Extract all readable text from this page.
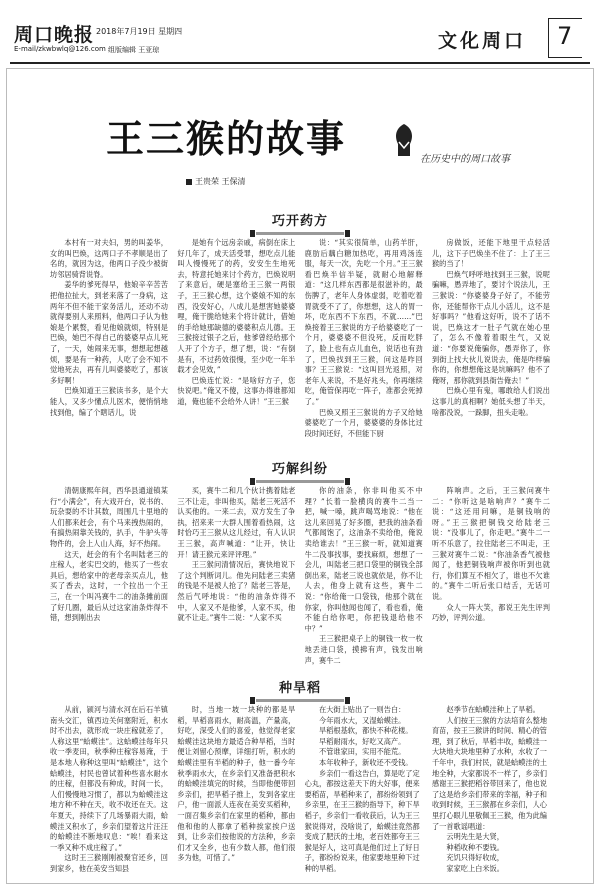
周口晚报 2018年7月19日 星期四
E-mail/zkwbwlq@126.com 组版编辑 王亚琼	文化周口 7
王三猴的故事	在历史中的周口故事
王贵荣 王保清
巧开药方

本村有一对夫妇，男的叫姜华，女的叫巴焕，这两口子不孝顺是出了名的，就因为这，他两口子没少被街坊邻居骑背说脊。

姜华的爹死得早，他娘辛辛苦苦把他拉扯大，到老来落了一身病，这两年不但不能干家务活儿，还动不动就得要别人来照料，他两口子认为他娘是个累赘，看见他娘就烦，特别是巴焕，她巴不得自己的婆婆早点儿死了，一天，她闹来无事，想想起想越烦，要是有一种药，人吃了会不知不觉地死去，再有儿叫婆婆吃了，那该多好啊！

巴焕知道王三猴读书多，是个大能人，又多少懂点儿医术，便悄悄地找到他，编了个瞎话儿，说

是她有个远房亲戚，病倒在床上好几年了，成天活受罪，想吃点儿能叫人慢慢死了的药，安安生生地死去，特意托她来讨个药方，巴焕说明了来意后，硬是塞给王三猴一两银子，王三猴心想，这个婆娘不知的东西，没安好心，八成儿是想害她婆婆哩，俺干脆给她来个将计就计，借她的手给她那缺德的婆婆积点儿德。王三猴接过银子之后，他爹曾经给那个人开了个方子，想了想，说：“有倒是有，不过药效很慢，至少吃一年半载才会见效，”

巴焕连忙说：“是啥好方子，您快说吧。”俺又不傻，这事办得谁都知道，俺也能不会给外人讲！”王三猴

说：“其实很简单，山药羊肝，鹿肪后藕白糖加热吃，再用鸡汤连服，每天一次，先吃一个月。”王三猴看巴焕半信半疑，就耐心地解释道：“这几样东西都是很滋补的，最伤脾了，老年人身体虚弱，吃着吃着胃就受不了了，你想想，这人的胃一坏，吃东西不下东西，不就……”巴焕接着王三猴说的方子给婆婆吃了一个月，婆婆婆不但没死，反而吃胖了，脸上也有点儿血色，说话也有劲了，巴焕找到王三猴，问这是咋回事？王三猴说：“这叫回光返照，对老年人来说，不是好兆头，你再继续吃，俺管保再吃一阵子，准都会死掉了。”

巴焕又照王三猴说的方子又给她婆婆吃了一个月，婆婆婆的身体比过段时间还好，不但能下厨

房做饭，还能下地里干点轻活儿，这下子巴焕坐不住了：上了王三猴的当了！

巴焕气呼呼地找到王三猴，说呢骗嘛，愚弄地了，要讨个说法儿，王三猴说：“你婆婆身子好了，不能劳你，还能帮你干点儿小活儿，这不是好事吗？”他看这好听，说不了话不说，巴焕这才一肚子气就在她心里了，怎么不像着着眼生气，又说道：“你要说俺骗你，愚弄你了，你到街上找大伙儿说说去，俺是咋样骗你的，你想想俺这是坑嘛吗？他不了俺呀，那你就到县衙告俺去！”

巴焕心里有鬼，哪敢给人们说出这事儿的真相啊？她低头想了半天，啥都没说，一跺脚，扭头走啦。

巧解纠纷

清朝康熙年间，西华县通道镇某行“小满会”，有大戏开台，说书的、玩杂耍的不计其数，周围几十里地的人们都来赶会，有个马来拽热闹的，有搞热闹靠关钱的，扒手，牛驴头等物件的，会上人山人海，好不热闹。

这天，赶会的有个名叫陆老三的庄稼人，老实巴交的，他买了一些农具后，想给家中的老母亲买点儿，他买了香去，这时，一个拉出一个王三，在一个叫冯赛牛二的油条摊前面了好几圈，最后从过这家油条炸得不错，想到刚出去

买，赛牛二和几个伙计携着陆老三不让走，非叫他买，陆老三死活不认买他的。一来二去，双方发生了争执，招来来一大群人围着看热闹，这时恰巧王三猴从这儿经过，有人认识王三猴，高声喊道：“让开，快让开！请王猴元来评评理。”

王三猴问清情况后，赛快地说下了这个判断词儿。他先问陆老三卖猪的钱是不是被人抢了？陆老三答是，然后气呼地说：“他的油条炸得不中，人家又不是他爹，人家不买，他就不让走。”赛牛二说：“人家不买

你的油条，你非叫他买不中理？”长着一脸横肉的赛牛二当一把，喊一嗓，跳声喝骂地说：“他在这儿来回晃了好多圈，把我的油条看气都闻饱了，这油条不卖给他，俺说卖给谁去！”王三猴一听，就知道赛牛二没事找事，要找麻烦，想想了一会儿，叫陆老三把口袋里的铜钱全部倒出来，陆老三说也就依是，你不让人去，他身上就有这些，赛牛二说：“你给俺一口袋钱，他那个就在你家，你叫他闻也闻了，看也看，俺不能白给你吧，你把钱退给他不中？”

王三猴把桌子上的铜钱一枚一枚地丢进口袋，摸拂有声，钱发出响声，赛牛二

阵响声。之后，王三猴问赛牛二：“你听这是啥响声？”赛牛二说：“这还用问嘛，是铜钱响的呀。”王三猴把铜钱交给陆老三说：“没事儿了，你走吧。”赛牛二一听不乐意了，拉住陆老三不叫走，王三猴对赛牛二说：“你油条香气被他闻了，他把铜钱响声被你听到也就行，你们算互不相欠了，谁也不欠谁的。”赛牛二听后张口结舌，无话可说。

众人一阵大笑，都说王先生评判巧妙，评判公道。

种旱稻

从前，颍河与清水河在后石羊镇南头交汇，镇西边关何塞附近，积水时不出去，就形成一块庄稼就差了，人称这里“蛤蟆洼”。这蛤蟆洼每年只收一季麦田，秋季种庄稼容易淹，于是本地人称种这里叫“蛤蟆洼”，这个蛤蟆洼，村民也曾试着种些喜水耐水的庄稼，但都没有种成，时间一长，人们慢慢地习惯了，都以为蛤蟆洼这地方种不种在天，收不收还在天。这年夏天，持续下了几场暴雨大雨，蛤蟆洼又积水了，乡亲们望着这片汪汪的蛤蟆洼不断地叹息：“唉！看来这一季又种不成庄稼了。”

这时王三猴刚刚被聚官还乡，回到家乡，他在美安当知县

时，当地一坡一块种的都是旱稻，旱稻喜雨水，耐高温，产量高，好吃，深受人们的喜爱，他觉得老家蛤蟆洼这块地方最适合种旱稻，当时便让刘留心预摩，详细打听，积水的蛤蟆洼里有半稻的种子，他一番今年秋季雨水大，在乡亲们又准备把积水的蛤蟆洼填完的时候，当即他便带回乡亲们，把旱稻子推上，发到各家庄户，他一面派人连夜在美安买稻种，一面召集乡亲们在家里的稻种，都由他和他的人都拿了稻种挨家挨户送到，让乡亲们按他说的方法种，乡亲们才又全乡，也有少数人都，他们很多为他，可惜了。”

在大街上贴出了一则告白：
今年雨水大，又湿蛤蟆洼。
旱稻根基软，都快不种花楼。
早稻耐雨水，好吃又高产。
不管谁家田，实用不能荒。
本年收种子，新收还不受钱。

乡亲们一看这告白，算是吃了定心丸，都按这差天下的大好事，便来要稻苗，旱稻种来了，都纷纷领到了乡亲里，在王三猴的指导下，种下旱稻子，乡亲们一看收获后，认为王三猴说得对，没啥说了，蛤蟆洼竟然都变成了肥沃的土地，老百姓都夸王三猴是好人，这可真是他们过上了好日子，都纷纷说来，他家要地里种下过种的旱稻。

赵季节在蛤蟆洼种上了旱稻。

人们按王三猴的方法培育么整地育苗，按王三猴讲的时间、精心的管理，到了秋后，旱稻丰收，蛤蟆洼一大块地大块地里种了水种，水收了一千年中，我们村民，就是蛤蟆洼的土地全种，大家都说不一样了，乡亲们感谢王三猴把稻谷带回来了，他也说了这是给乡亲们带来的幸福，种子和收到时候，王三猴都在乡亲们，人心里打心眼儿里敬佩王三猴，他为此编了一首歌谣唱道：

云明先生是大贤，
种稻收种不要钱。
充饥只得好收成，
家家吃上白米饭。
